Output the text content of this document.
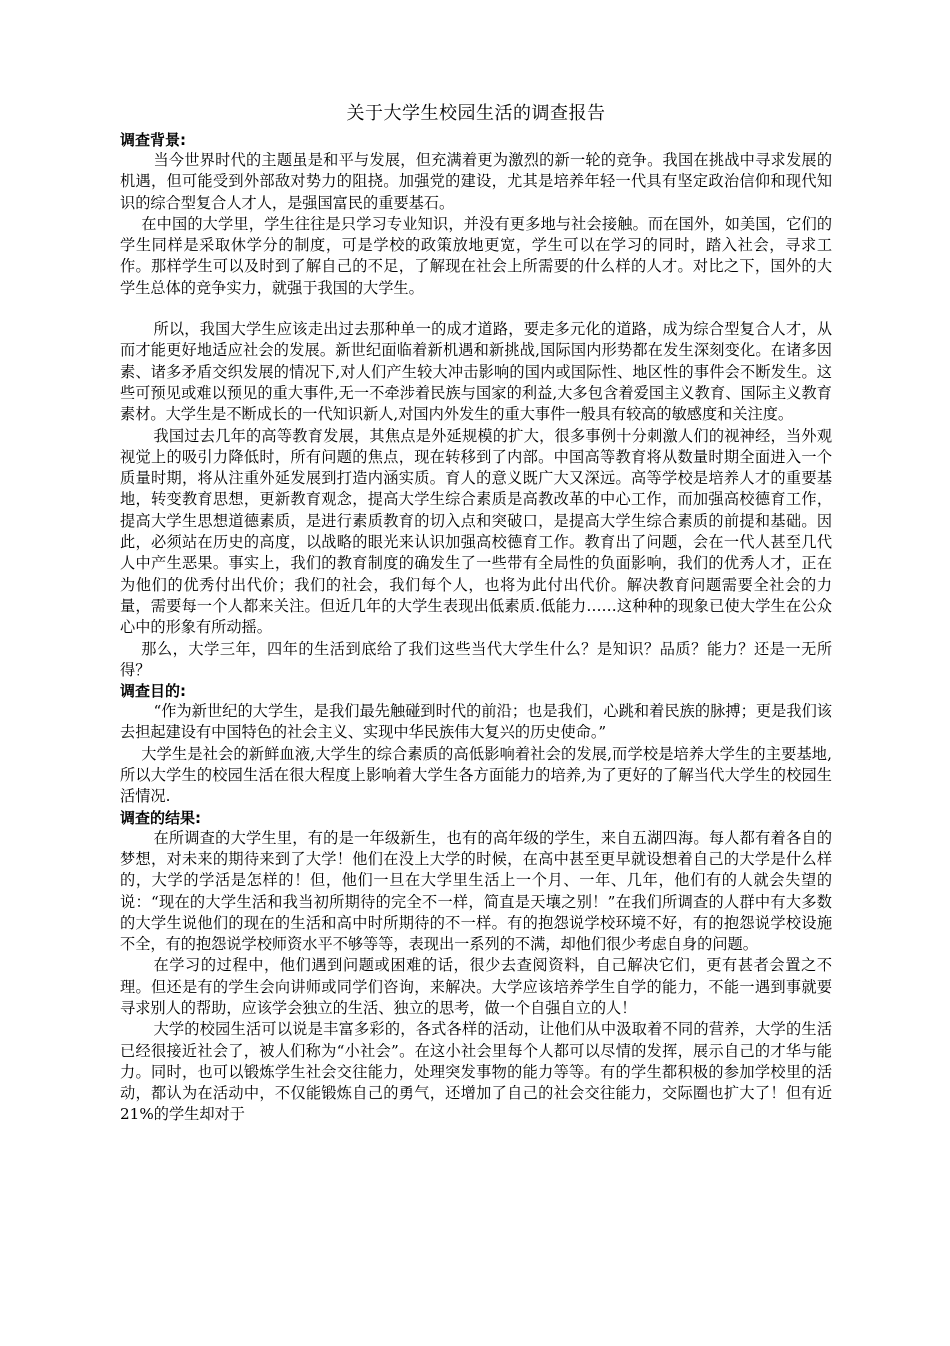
关于大学生校园生活的调查报告
调查背景:

当今世界时代的主题虽是和平与发展，但充满着更为激烈的新一轮的竞争。我国在挑战中寻求发展的机遇，但可能受到外部敌对势力的阻挠。加强党的建设，尤其是培养年轻一代具有坚定政治信仰和现代知识的综合型复合人才人，是强国富民的重要基石。

在中国的大学里，学生往往是只学习专业知识，并没有更多地与社会接触。而在国外，如美国，它们的学生同样是采取休学分的制度，可是学校的政策放地更宽，学生可以在学习的同时，踏入社会，寻求工作。那样学生可以及时到了解自己的不足，了解现在社会上所需要的什么样的人才。对比之下，国外的大学生总体的竞争实力，就强于我国的大学生。

所以，我国大学生应该走出过去那种单一的成才道路，要走多元化的道路，成为综合型复合人才，从而才能更好地适应社会的发展。新世纪面临着新机遇和新挑战,国际国内形势都在发生深刻变化。在诸多因素、诸多矛盾交织发展的情况下,对人们产生较大冲击影响的国内或国际性、地区性的事件会不断发生。这些可预见或难以预见的重大事件,无一不牵涉着民族与国家的利益,大多包含着爱国主义教育、国际主义教育素材。大学生是不断成长的一代知识新人,对国内外发生的重大事件一般具有较高的敏感度和关注度。

我国过去几年的高等教育发展，其焦点是外延规模的扩大，很多事例十分刺激人们的视神经，当外观视觉上的吸引力降低时，所有问题的焦点，现在转移到了内部。中国高等教育将从数量时期全面进入一个质量时期，将从注重外延发展到打造内涵实质。育人的意义既广大又深远。高等学校是培养人才的重要基地，转变教育思想，更新教育观念，提高大学生综合素质是高教改革的中心工作，而加强高校德育工作，提高大学生思想道德素质，是进行素质教育的切入点和突破口，是提高大学生综合素质的前提和基础。因此，必须站在历史的高度，以战略的眼光来认识加强高校德育工作。教育出了问题，会在一代人甚至几代人中产生恶果。事实上，我们的教育制度的确发生了一些带有全局性的负面影响，我们的优秀人才，正在为他们的优秀付出代价；我们的社会，我们每个人，也将为此付出代价。解决教育问题需要全社会的力量，需要每一个人都来关注。但近几年的大学生表现出低素质.低能力……这种种的现象已使大学生在公众心中的形象有所动摇。

那么，大学三年，四年的生活到底给了我们这些当代大学生什么？是知识？品质？能力？还是一无所得？

调查目的:

“作为新世纪的大学生，是我们最先触碰到时代的前沿；也是我们，心跳和着民族的脉搏；更是我们该去担起建设有中国特色的社会主义、实现中华民族伟大复兴的历史使命。”

大学生是社会的新鲜血液,大学生的综合素质的高低影响着社会的发展,而学校是培养大学生的主要基地,所以大学生的校园生活在很大程度上影响着大学生各方面能力的培养,为了更好的了解当代大学生的校园生活情况.

调查的结果:

在所调查的大学生里，有的是一年级新生，也有的高年级的学生，来自五湖四海。每人都有着各自的梦想，对未来的期待来到了大学！他们在没上大学的时候，在高中甚至更早就设想着自己的大学是什么样的，大学的学活是怎样的！但，他们一旦在大学里生活上一个月、一年、几年，他们有的人就会失望的说：“现在的大学生活和我当初所期待的完全不一样，简直是天壤之别！”在我们所调查的人群中有大多数的大学生说他们的现在的生活和高中时所期待的不一样。有的抱怨说学校环境不好，有的抱怨说学校设施不全，有的抱怨说学校师资水平不够等等，表现出一系列的不满，却他们很少考虑自身的问题。

在学习的过程中，他们遇到问题或困难的话，很少去查阅资料，自己解决它们，更有甚者会置之不理。但还是有的学生会向讲师或同学们咨询，来解决。大学应该培养学生自学的能力，不能一遇到事就要寻求别人的帮助，应该学会独立的生活、独立的思考，做一个自强自立的人！

大学的校园生活可以说是丰富多彩的，各式各样的活动，让他们从中汲取着不同的营养，大学的生活已经很接近社会了，被人们称为“小社会”。在这小社会里每个人都可以尽情的发挥，展示自己的才华与能力。同时，也可以锻炼学生社会交往能力，处理突发事物的能力等等。有的学生都积极的参加学校里的活动，都认为在活动中，不仅能锻炼自己的勇气，还增加了自己的社会交往能力，交际圈也扩大了！但有近 21%的学生却对于
